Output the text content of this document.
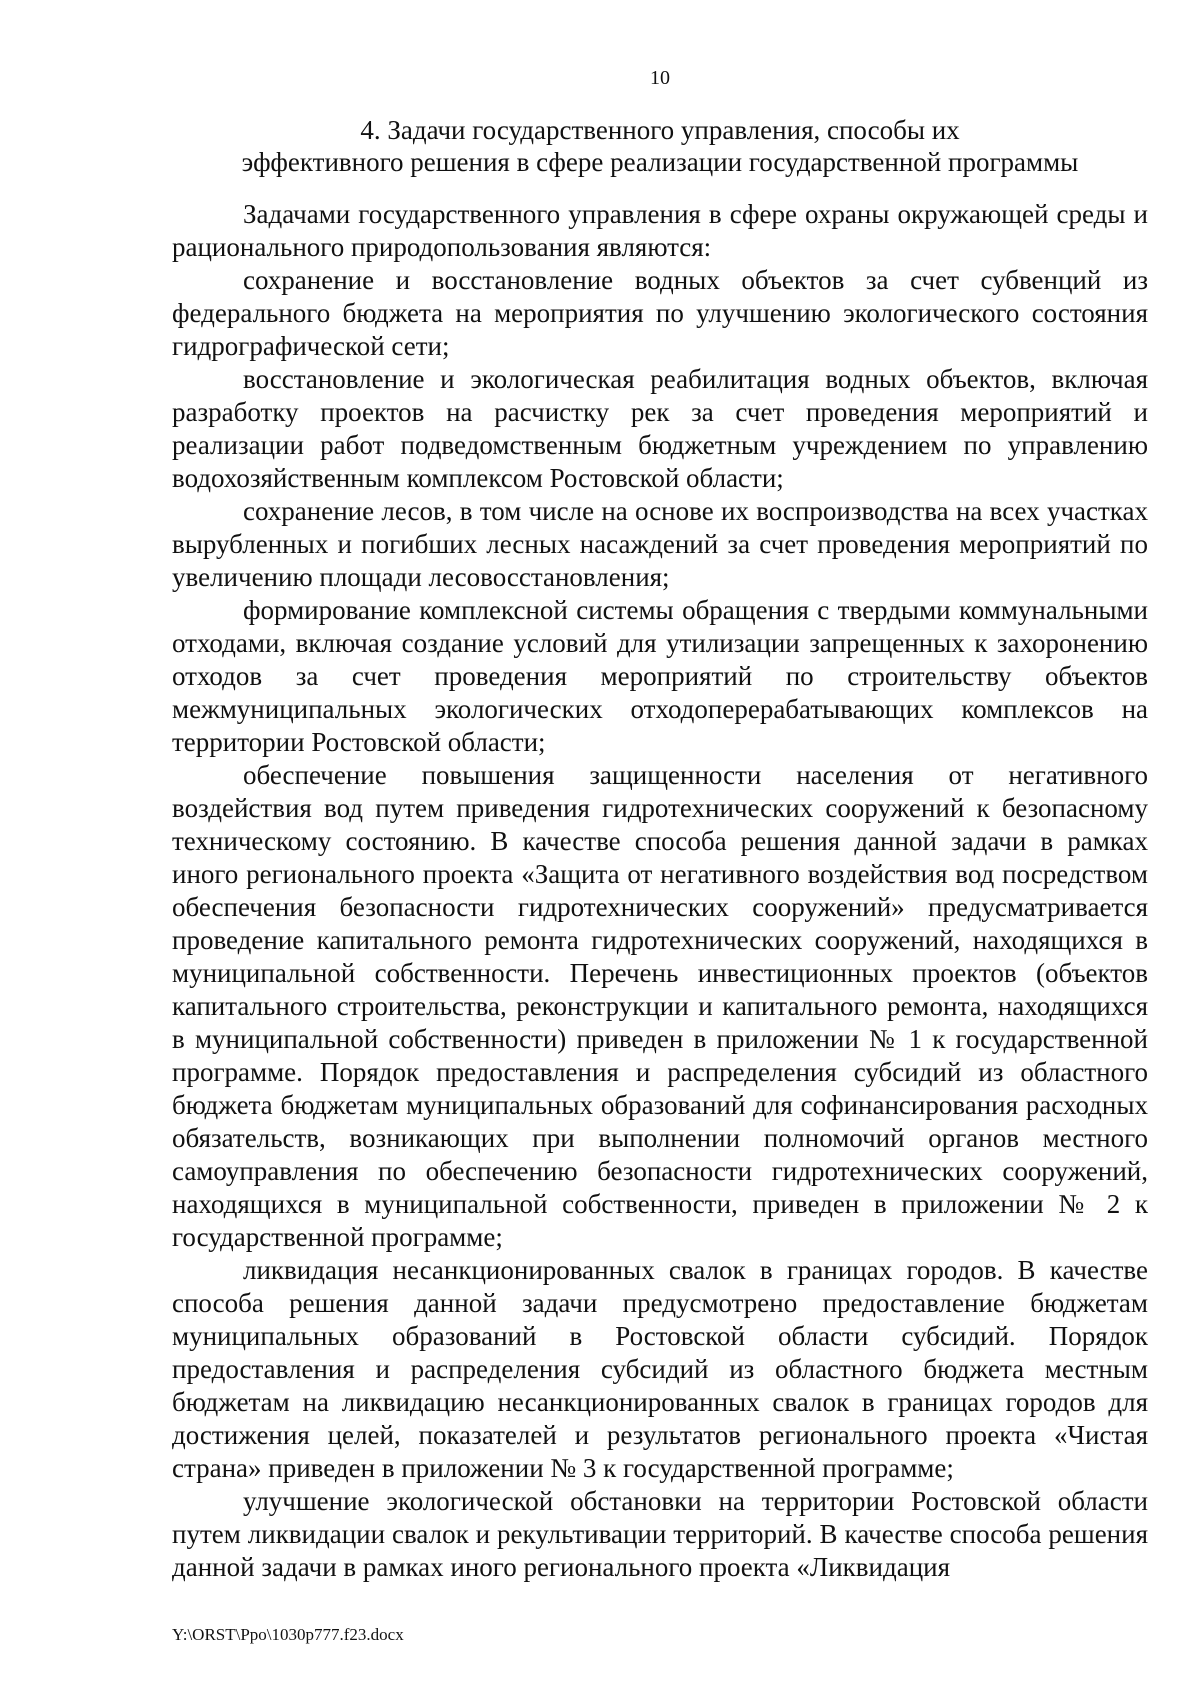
10
4. Задачи государственного управления, способы их
эффективного решения в сфере реализации государственной программы

Задачами государственного управления в сфере охраны окружающей среды и рационального природопользования являются:

сохранение и восстановление водных объектов за счет субвенций из федерального бюджета на мероприятия по улучшению экологического состояния гидрографической сети;

восстановление и экологическая реабилитация водных объектов, включая разработку проектов на расчистку рек за счет проведения мероприятий и реализации работ подведомственным бюджетным учреждением по управлению водохозяйственным комплексом Ростовской области;

сохранение лесов, в том числе на основе их воспроизводства на всех участках вырубленных и погибших лесных насаждений за счет проведения мероприятий по увеличению площади лесовосстановления;

формирование комплексной системы обращения с твердыми коммунальными отходами, включая создание условий для утилизации запрещенных к захоронению отходов за счет проведения мероприятий по строительству объектов межмуниципальных экологических отходоперерабатывающих комплексов на территории Ростовской области;

обеспечение повышения защищенности населения от негативного воздействия вод путем приведения гидротехнических сооружений к безопасному техническому состоянию. В качестве способа решения данной задачи в рамках иного регионального проекта «Защита от негативного воздействия вод посредством обеспечения безопасности гидротехнических сооружений» предусматривается проведение капитального ремонта гидротехнических сооружений, находящихся в муниципальной собственности. Перечень инвестиционных проектов (объектов капитального строительства, реконструкции и капитального ремонта, находящихся в муниципальной собственности) приведен в приложении № 1 к государственной программе. Порядок предоставления и распределения субсидий из областного бюджета бюджетам муниципальных образований для софинансирования расходных обязательств, возникающих при выполнении полномочий органов местного самоуправления по обеспечению безопасности гидротехнических сооружений, находящихся в муниципальной собственности, приведен в приложении № 2 к государственной программе;

ликвидация несанкционированных свалок в границах городов. В качестве способа решения данной задачи предусмотрено предоставление бюджетам муниципальных образований в Ростовской области субсидий. Порядок предоставления и распределения субсидий из областного бюджета местным бюджетам на ликвидацию несанкционированных свалок в границах городов для достижения целей, показателей и результатов регионального проекта «Чистая страна» приведен в приложении № 3 к государственной программе;

улучшение экологической обстановки на территории Ростовской области путем ликвидации свалок и рекультивации территорий. В качестве способа решения данной задачи в рамках иного регионального проекта «Ликвидация

Y:\ORST\Ppo\1030p777.f23.docx
